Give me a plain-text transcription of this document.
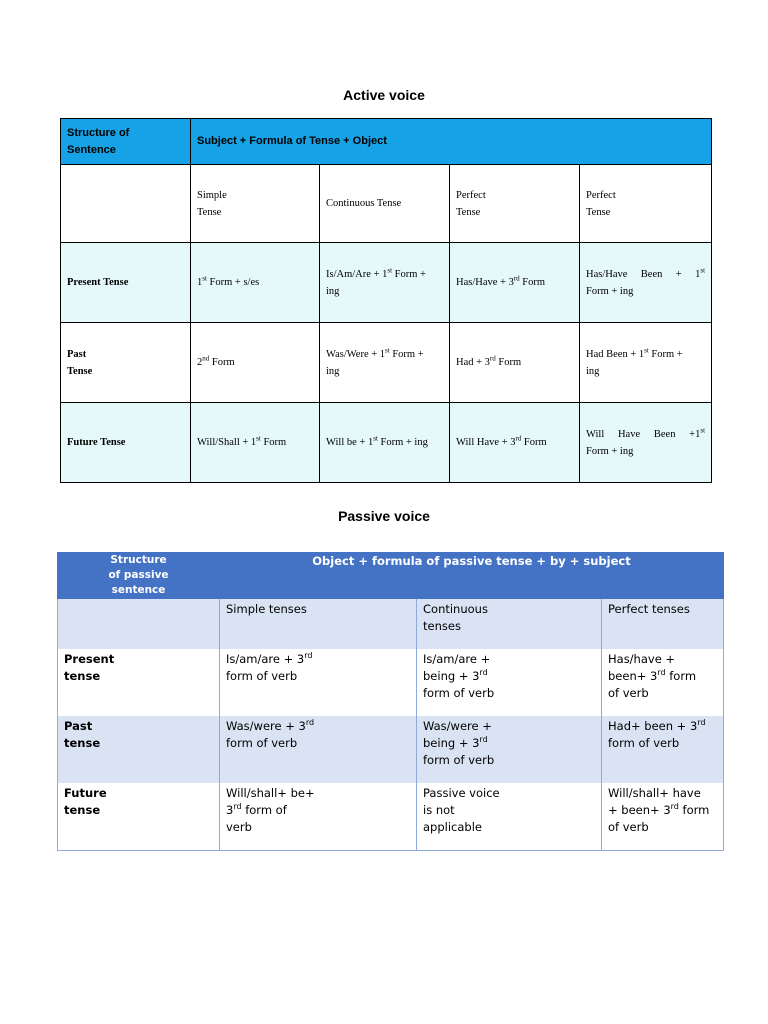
Active voice
Structure of
Sentence	Subject + Formula of Tense + Object			

	Simple
Tense	Continuous Tense	Perfect
Tense	Perfect
Tense

Present Tense	1st Form + s/es	Is/Am/Are + 1st Form +
ing	Has/Have + 3rd Form	Has/Have Been + 1st
Form + ing

Past
Tense	2nd Form	Was/Were + 1st Form +
ing	Had + 3rd Form	Had Been + 1st Form +
ing

Future Tense	Will/Shall + 1st Form	Will be + 1st Form + ing	Will Have + 3rd Form	Will Have Been +1st
Form + ing
Passive voice
Structure
of passive
sentence	Object + formula of passive tense + by + subject		
	Simple tenses	Continuous
tenses	Perfect tenses

Present
tense	Is/am/are + 3rd
form of verb	Is/am/are +
being + 3rd
form of verb	Has/have +
been+ 3rd form
of verb

Past
tense	Was/were + 3rd
form of verb	Was/were +
being + 3rd
form of verb	Had+ been + 3rd
form of verb

Future
tense	Will/shall+ be+
3rd form of
verb	Passive voice
is not
applicable	Will/shall+ have
+ been+ 3rd form
of verb
